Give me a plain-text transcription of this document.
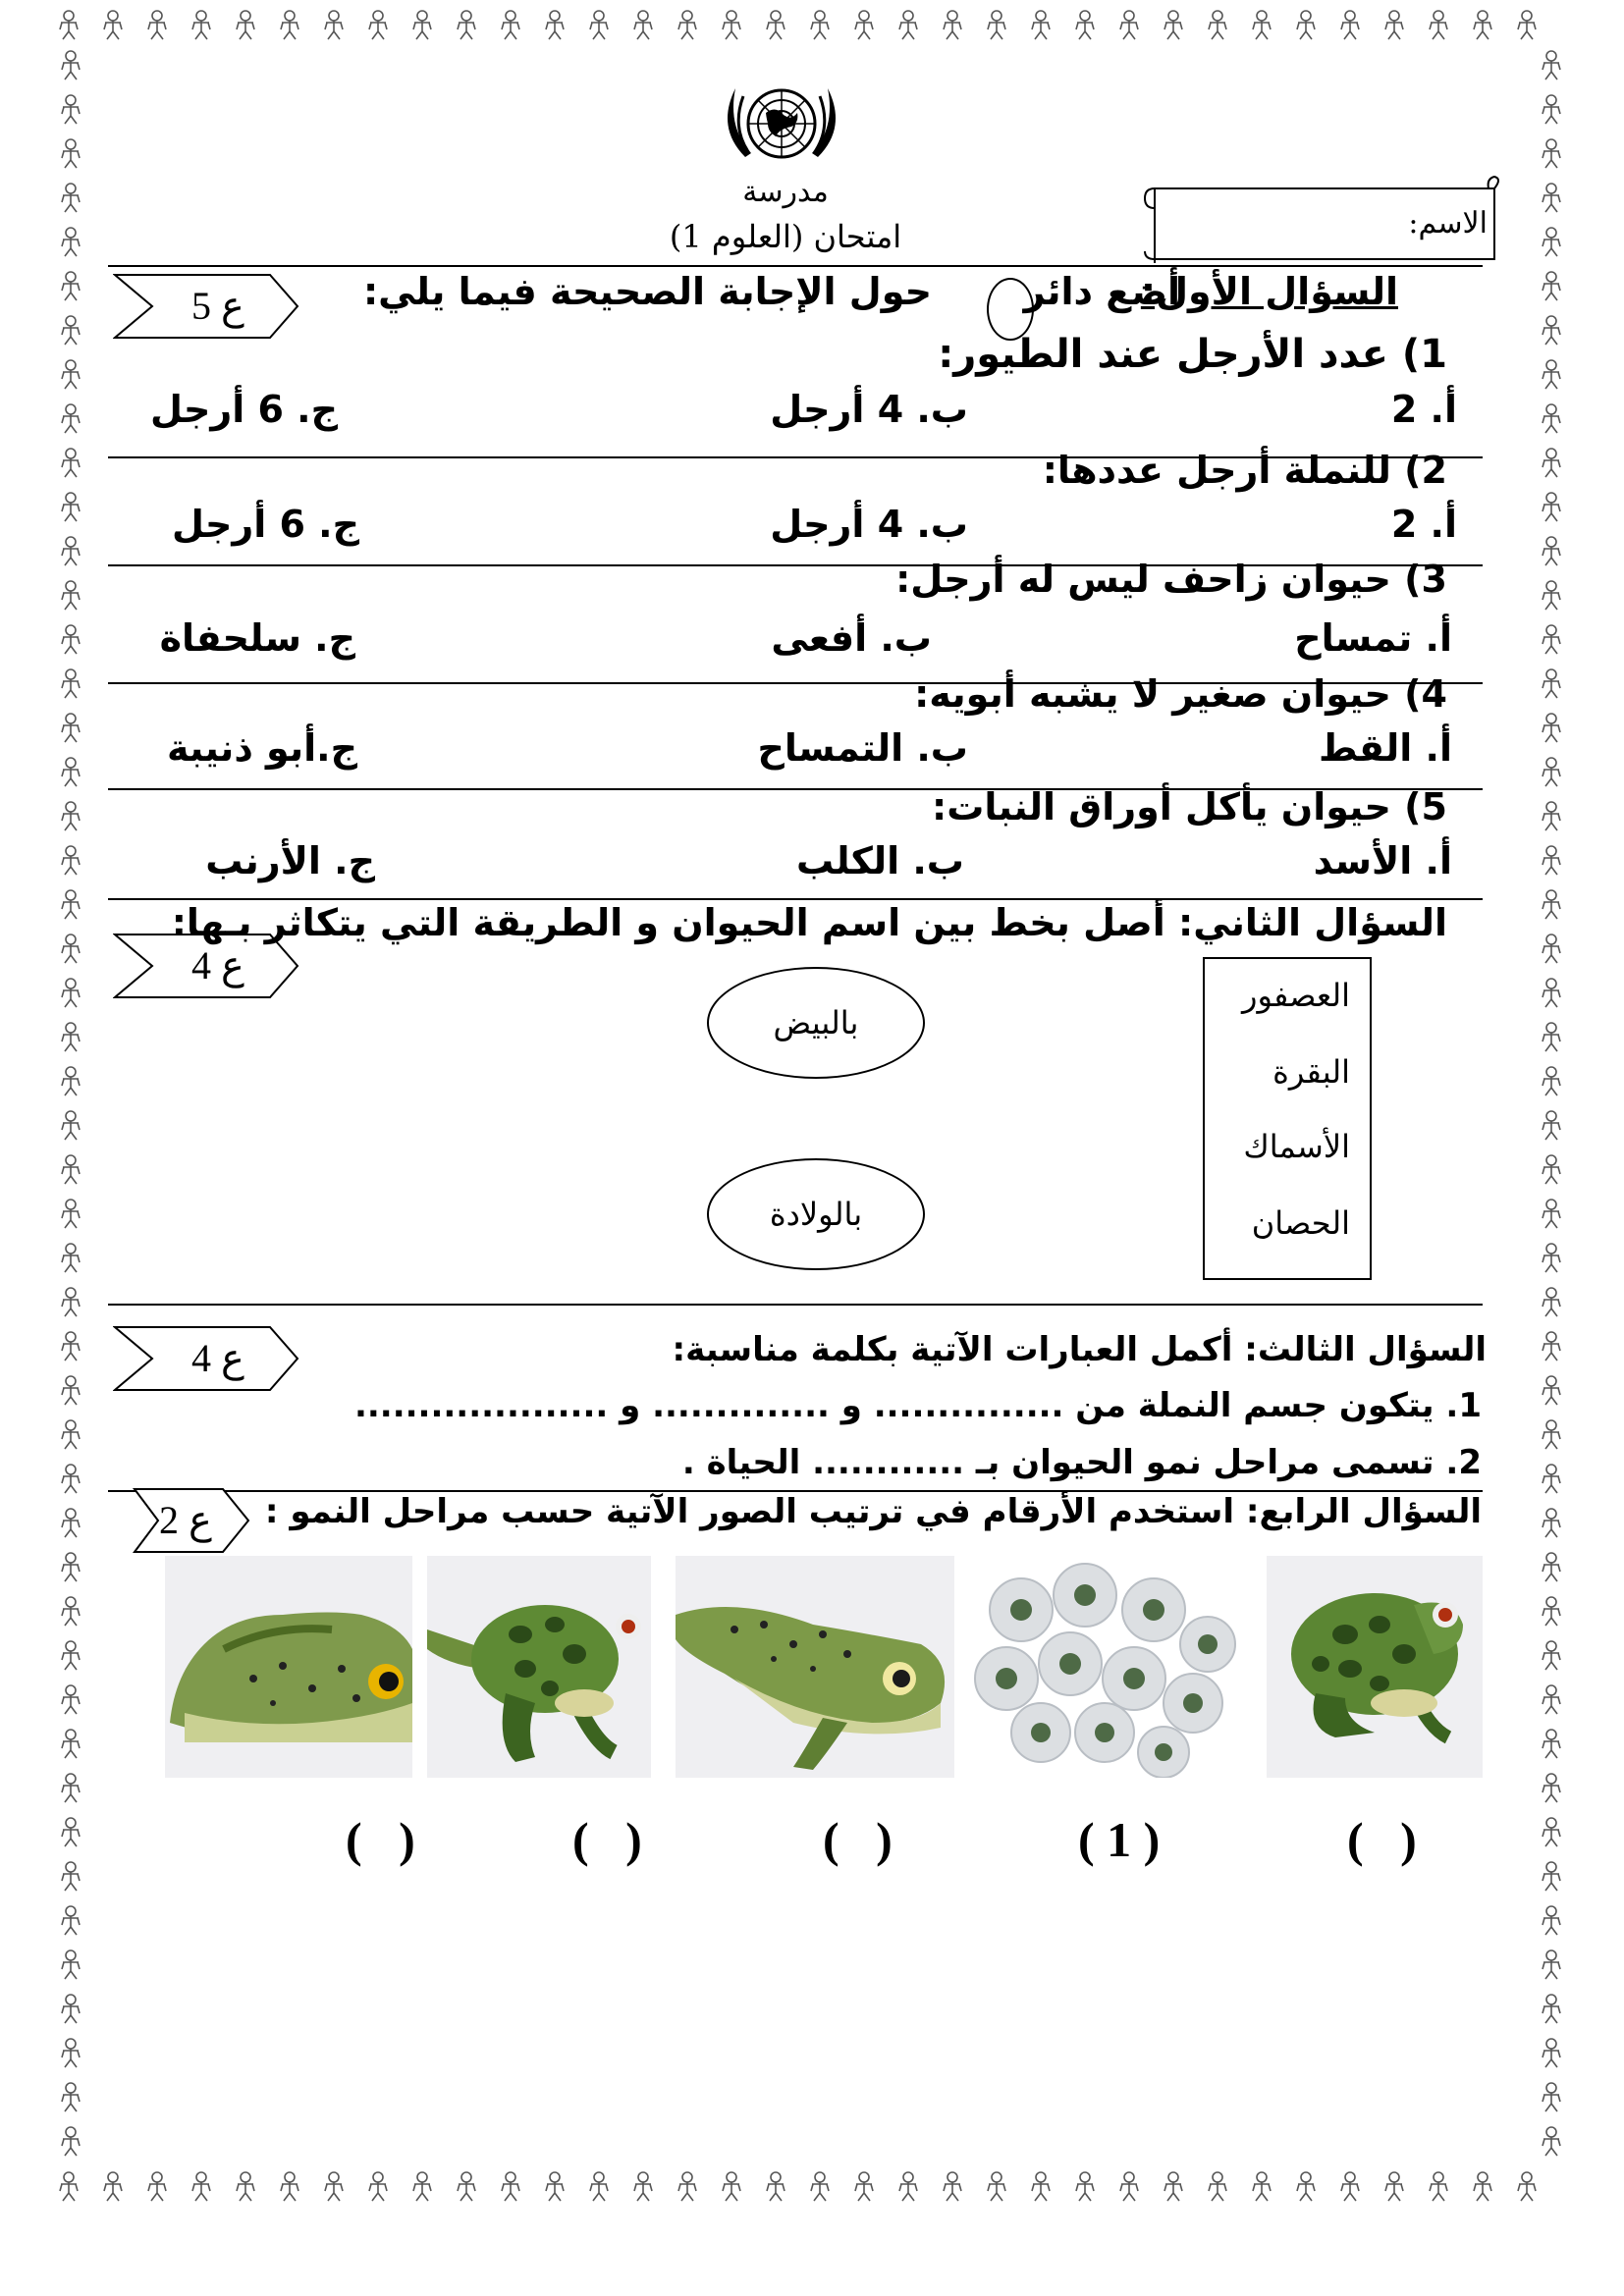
مدرسة
امتحان (العلوم 1)	الاسم:
5 ع	السؤال الأول:
أضع دائر
حول الإجابة الصحيحة فيما يلي:
1) عدد الأرجل عند الطيور:
أ. 2
ب. 4 أرجل
ج. 6 أرجل
2) للنملة أرجل عددها:
أ. 2
ب. 4 أرجل
ج. 6 أرجل
3) حيوان زاحف ليس له أرجل:
أ. تمساح
ب. أفعى
ج. سلحفاة
4) حيوان صغير لا يشبه أبويه:
أ. القط
ب. التمساح
ج.أبو ذنيبة
5) حيوان يأكل أوراق النبات:
أ. الأسد
ب. الكلب
ج. الأرنب
4 ع
السؤال الثاني: أصل بخط بين اسم الحيوان و الطريقة التي يتكاثر بـها:
بالبيض
بالولادة
العصفور
البقرة
الأسماك
الحصان
4 ع	السؤال الثالث: أكمل العبارات الآتية بكلمة مناسبة:
1. يتكون جسم النملة من ............... و .............. و ....................
2. تسمى مراحل نمو الحيوان بـ ............ الحياة .
2 ع السؤال الرابع: استخدم الأرقام في ترتيب الصور الآتية حسب مراحل النمو :
(   )	(   )	(   )	( 1 )	(   )
